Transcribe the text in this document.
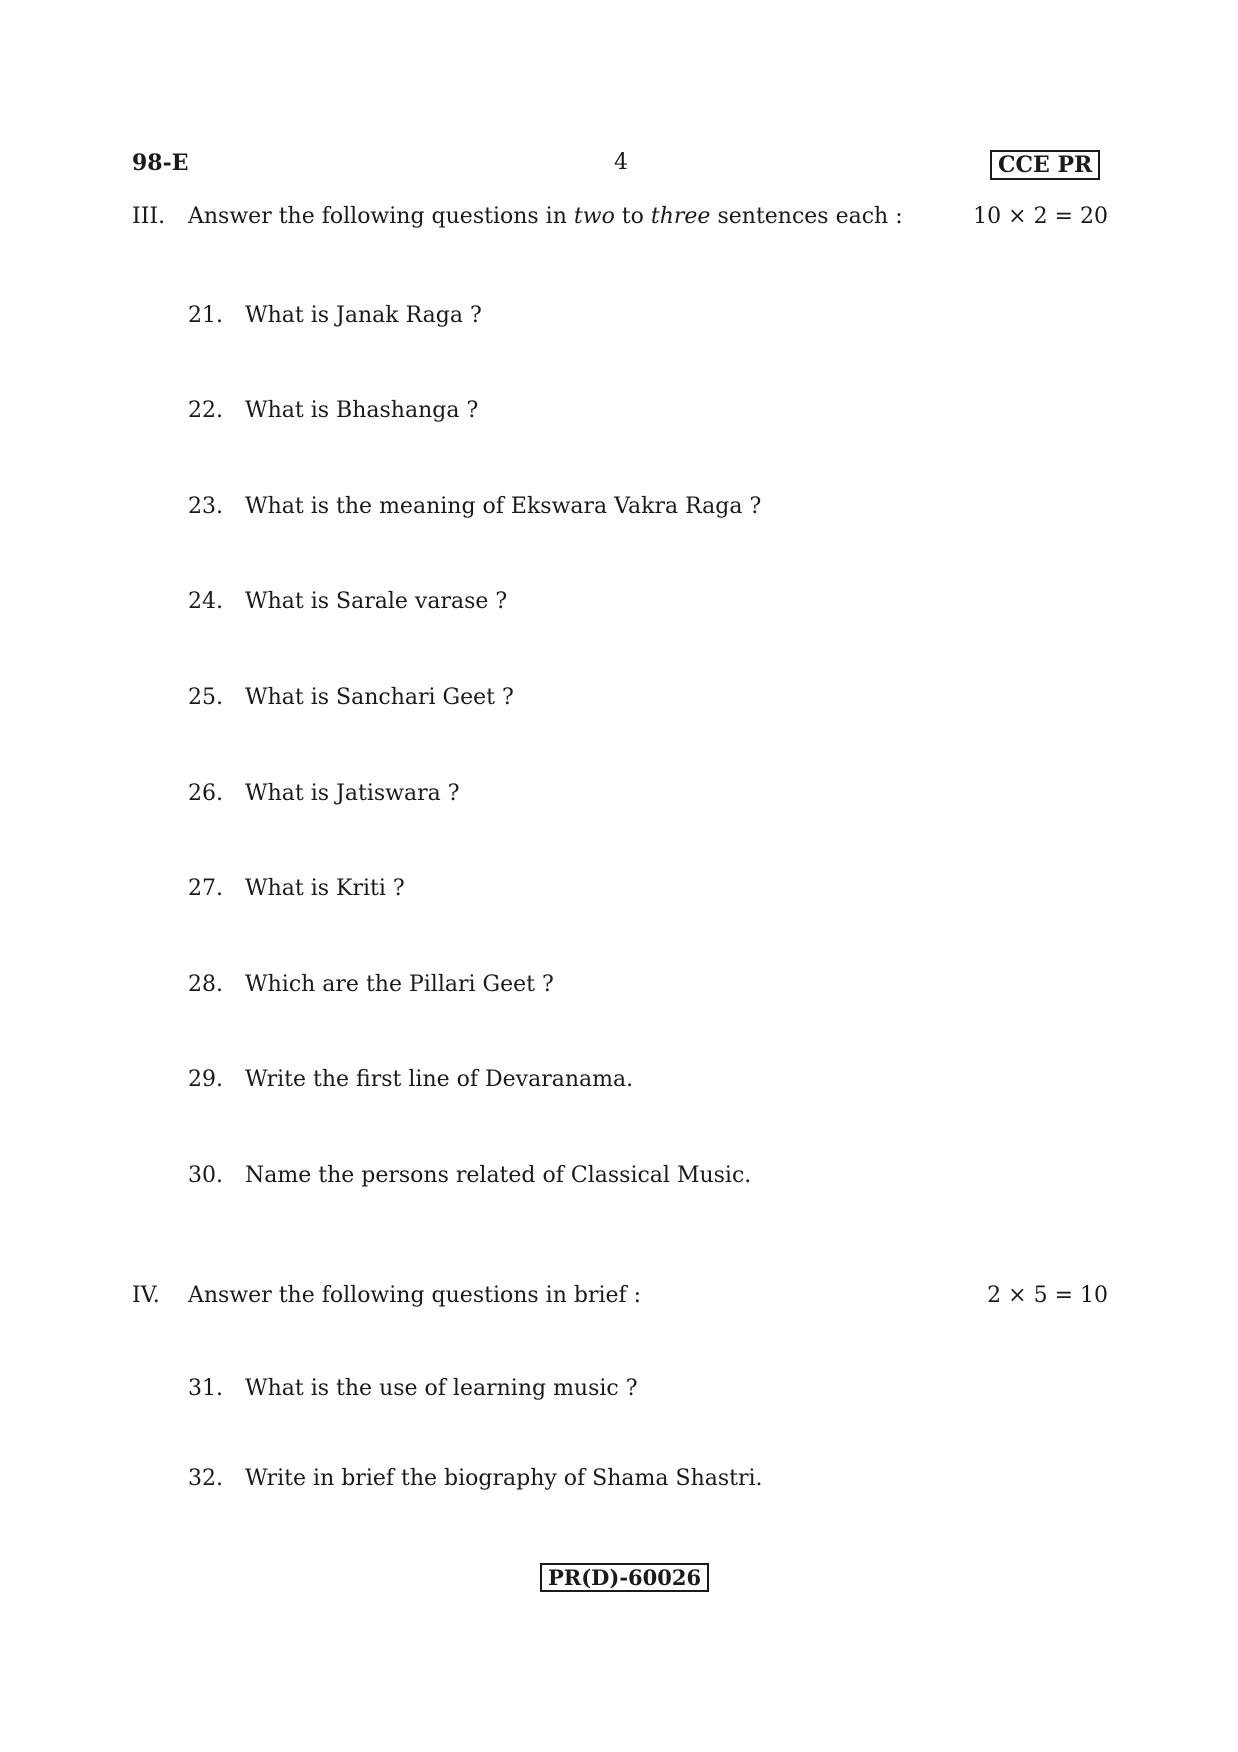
98-E	4	CCE PR
III. Answer the following questions in two to three sentences each :	10 × 2 = 20
21. What is Janak Raga ?
22. What is Bhashanga ?
23. What is the meaning of Ekswara Vakra Raga ?
24. What is Sarale varase ?
25. What is Sanchari Geet ?
26. What is Jatiswara ?
27. What is Kriti ?
28. Which are the Pillari Geet ?
29. Write the first line of Devaranama.
30. Name the persons related of Classical Music.
IV. Answer the following questions in brief :	2 × 5 = 10
31. What is the use of learning music ?
32. Write in brief the biography of Shama Shastri.
PR(D)-60026
